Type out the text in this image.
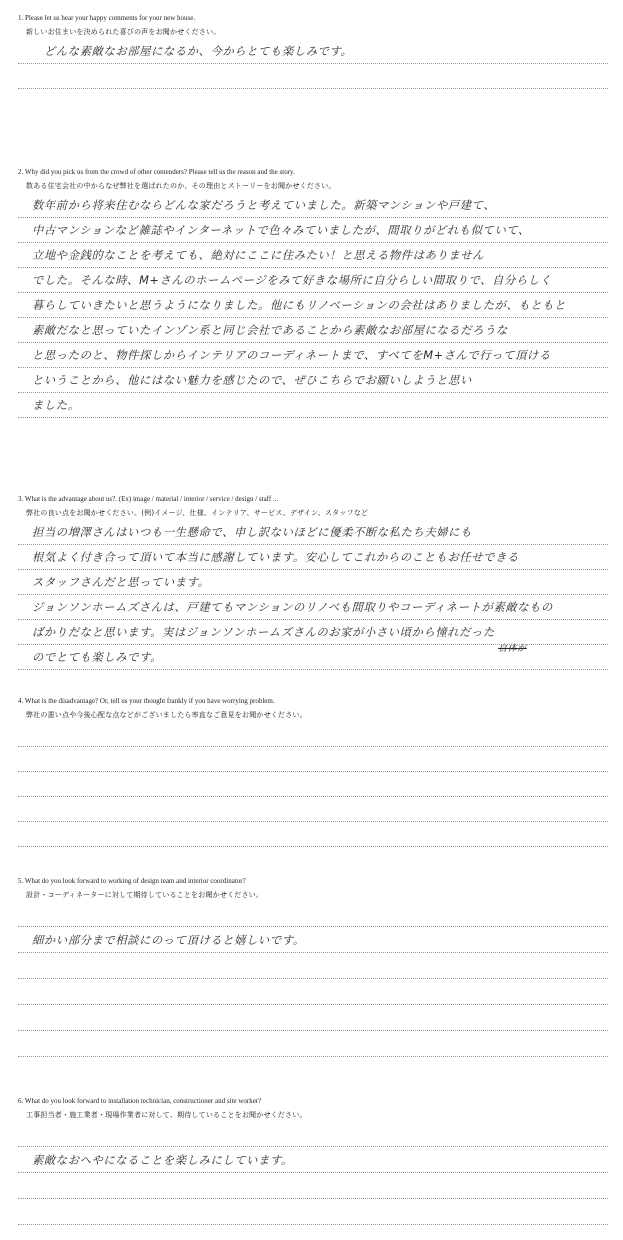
1. Please let us hear your happy comments for your new house.
新しいお住まいを決められた喜びの声をお聞かせください。
どんな素敵なお部屋になるか、今からとても楽しみです。
2. Why did you pick us from the crowd of other contenders? Please tell us the reason and the story.
数ある住宅会社の中からなぜ弊社を選ばれたのか、その理由とストーリーをお聞かせください。
数年前から将来住むならどんな家だろうと考えていました。新築マンションや戸建て、
中古マンションなど雑誌やインターネットで色々みていましたが、間取りがどれも似ていて、
立地や金銭的なことを考えても、絶対にここに住みたい！と思える物件はありません
でした。そんな時、M+さんのホームページをみて好きな場所に自分らしい間取りで、自分らしく
暮らしていきたいと思うようになりました。他にもリノベーションの会社はありましたが、もともと
素敵だなと思っていたインゾン系と同じ会社であることから素敵なお部屋になるだろうな
と思ったのと、物件探しからインテリアのコーディネートまで、すべてをM+さんで行って頂ける
ということから、他にはない魅力を感じたので、ぜひこちらでお願いしようと思い
ました。
3. What is the advantage about us?. (Ex) image / material / interior / service / design / staff ...
弊社の良い点をお聞かせください。(例)イメージ、仕様、インテリア、サービス、デザイン、スタッフなど
担当の増澤さんはいつも一生懸命で、申し訳ないほどに優柔不断な私たち夫婦にも
根気よく付き合って頂いて本当に感謝しています。安心してこれからのこともお任せできる
スタッフさんだと思っています。
ジョンソンホームズさんは、戸建てもマンションのリノベも間取りやコーディネートが素敵なもの
ばかりだなと思います。実はジョンソンホームズさんのお家が小さい頃から憧れだった
自体が
のでとても楽しみです。
4. What is the disadvantage? Or, tell us your thought frankly if you have worrying problem.
弊社の悪い点や今後心配な点などがございましたら率直なご意見をお聞かせください。
5. What do you look forward to working of design team and interior coordinator?
設計・コーディネーターに対して期待していることをお聞かせください。
細かい部分まで相談にのって頂けると嬉しいです。
6. What do you look forward to installation technician, constructioner and site worker?
工事担当者・施工業者・現場作業者に対して、期待していることをお聞かせください。
素敵なおへやになることを楽しみにしています。
